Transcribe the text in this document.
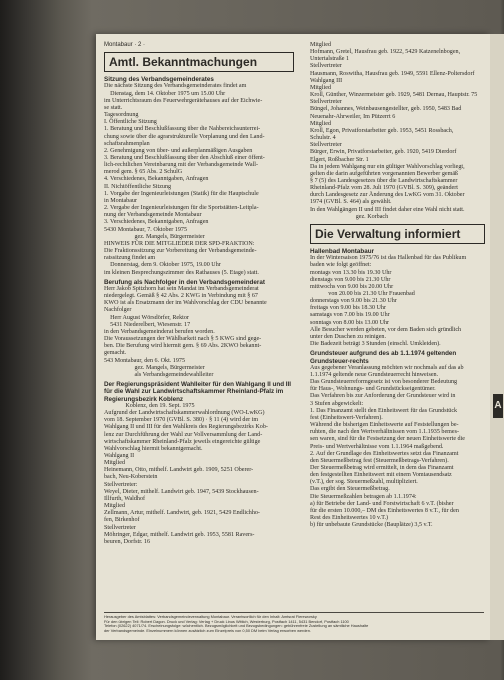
Montabaur · 2 ·
Amtl. Bekanntmachungen
Sitzung des Verbandsgemeinderates
Die nächste Sitzung des Verbandsgemeinderates findet am
Dienstag, dem 14. Oktober 1975 um 15.00 Uhr
im Unterrichtsraum des Feuerwehrgerätehauses auf der Eichwie-
se statt.
Tagesordnung
I. Öffentliche Sitzung
1. Beratung und Beschlußfassung über die Nahbereichsunterrei-
chung sowie über die agrarstrukturelle Vorplanung und den Land-
schaftsrahmenplan
2. Genehmigung von über- und außerplanmäßigen Ausgaben
3. Beratung und Beschlußfassung über den Abschluß einer öffent-
lich-rechtlichen Vereinbarung mit der Verbandsgemeinde Wall-
merod gem. § 65 Abs. 2 SchulG
4. Verschiedenes, Bekanntgaben, Anfragen
II. Nichtöffentliche Sitzung
1. Vorgabe der Ingenieurleistungen (Statik) für die Hauptschule
in Montabaur
2. Vergabe der Ingenieurleistungen für die Sportstätten-Leitpla-
nung der Verbandsgemeinde Montabaur
3. Verschiedenes, Bekanntgaben, Anfragen
5430 Montabaur, 7. Oktober 1975
gez. Mangels, Bürgermeister
HINWEIS FÜR DIE MITGLIEDER DER SPD-FRAKTION:
Die Fraktionssitzung zur Vorbereitung der Verbandsgemeinde-
ratssitzung findet am
Donnerstag, dem 9. Oktober 1975, 19.00 Uhr
im kleinen Besprechungszimmer des Rathauses (5. Etage) statt.
Berufung als Nachfolger in den Verbandsgemeinderat
Herr Jakob Spitzhorn hat sein Mandat im Verbandsgemeinderat
niedergelegt. Gemäß § 42 Abs. 2 KWG in Verbindung mit § 67
KWO ist als Ersatzmann der im Wahlvorschlag der CDU benannte
Nachfolger
Herr August Wörsdörfer, Rektor
5431 Niederelbert, Wiesenstr. 17
in den Verbandsgemeinderat berufen worden.
Die Voraussetzungen der Wählbarkeit nach § 5 KWG sind gege-
ben. Die Berufung wird hiermit gem. § 69 Abs. 2KWO bekannt-
gemacht.
543 Montabaur, den 6. Okt. 1975
gez. Mangels, Bürgermeister
als Verbandsgemeindewahlleiter
Der Regierungspräsident Wahlleiter für den Wahlgang II und III für die Wahl zur Landwirtschaftskammer Rheinland-Pfalz im Regierungsbezirk Koblenz
Koblenz, den 19. Sept. 1975
Aufgrund der Landwirtschaftskammerwahlordnung (WO-LwKG)
vom 18. September 1970 (GVBl. S. 380) · § 11 (4) wird der im
Wahlgang II und III für den Wahlkreis des Regierungsbezirks Kob-
lenz zur Durchführung der Wahl zur Vollversammlung der Land-
wirtschaftskammer Rheinland-Pfalz jeweils eingereichte gültige
Wahlvorschlag hiermit bekanntgemacht.
Wahlgang II
Mitglied
Heinemann, Otto, mithelf. Landwirt geb. 1909, 5251 Oberer-
bach, Neu-Koberstein
Stellvertreter:
Weyel, Dieter, mithelf. Landwirt geb. 1947, 5439 Stockhausen-
Illfurth, Waldhof
Mitglied
Zellmann, Artur, mithelf. Landwirt, geb. 1921, 5429 Endlichho-
fen, Birkenhof
Stellvertreter
Möhringer, Edgar, mithelf. Landwirt geb. 1953, 5581 Ravers-
beuren, Dorfstr. 16
Mitglied
Hofmann, Gretel, Hausfrau geb. 1922, 5429 Katzenelnbogen,
Untertalstraße 1
Stellvertreter
Hausmann, Roswitha, Hausfrau geb. 1949, 5591 Ellenz-Poltersdorf
Wahlgang III
Mitglied
Kroll, Günther, Winzermeister geb. 1929, 5481 Dernau, Hauptstr. 75
Stellvertreter
Büngel, Johannes, Weinbausengestellter, geb. 1950, 5483 Bad
Neuenahr-Ahrweiler, Im Pützerrt 6
Mitglied
Kroll, Egon, Privatforstarbeiter geb. 1953, 5451 Rossbach,
Schulstr. 4
Stellvertreter
Bürger, Erwin, Privatforstarbeiter, geb. 1920, 5419 Dierdorf
Elgert, Roßbacher Str. 1
Da in jedem Wahlgang nur ein gültiger Wahlvorschlag vorliegt,
gelten die darin aufgeführten vorgenannten Bewerber gemäß
§ 7 (5) des Landesgesetzes über die Landwirtschaftskammer
Rheinland-Pfalz vom 28. Juli 1970 (GVBl. S. 309), geändert
durch Landesgesetz zur Änderung des LwKG vom 31. Oktober
1974 (GVBl. S. 464) als gewählt.
In den Wahlgängen II und III findet daher eine Wahl nicht statt.
gez. Korbach
Die Verwaltung informiert
Hallenbad Montabaur
In der Wintersaison 1975/76 ist das Hallenbad für das Publikum
baden wie folgt geöffnet:
montags von 13.30 bis 19.30 Uhr
dienstags von 9.00 bis 21.30 Uhr
mittwochs von 9.00 bis 20.00 Uhr
von 20.00 bis 21.30 Uhr Frauenbad
donnerstags von 9.00 bis 21.30 Uhr
freitags von 9.00 bis 18.30 Uhr
samstags von 7.00 bis 19.00 Uhr
sonntags von 8.00 bis 13.00 Uhr
Alle Besucher werden gebeten, vor dem Baden sich gründlich
unter den Duschen zu reinigen.
Die Badezeit beträgt 3 Stunden (einschl. Umkleiden).
Grundsteuer aufgrund des ab 1.1.1974 geltenden Grundsteuer-rechts
Aus gegebener Veranlassung möchten wir nochmals auf das ab
1.1.1974 geltende neue Grundsteuerrecht hinweisen.
Das Grundsteuerreformgesetz ist von besonderer Bedeutung
für Haus-, Wohnungs- und Grundstückseigentümer.
Das Verfahren bis zur Anforderung der Grundsteuer wird in
3 Stufen abgewickelt:
1. Das Finanzamt stellt den Einheitswert für das Grundstück
fest (Einheitswert-Verfahren).
Während die bisherigen Einheitswerte auf Feststellungen be-
ruhten, die nach den Wertverhältnissen vom 1.1.1935 bemes-
sen waren, sind für die Festsetzung der neuen Einheitswerte die
Preis- und Wertverhältnisse vom 1.1.1964 maßgebend.
2. Auf der Grundlage des Einheitswertes setzt das Finanzamt
den Steuermeßbetrag fest (Steuermeßbetrags-Verfahren).
Der Steuermeßbetrag wird ermittelt, in dem das Finanzamt
den festgestellten Einheitswert mit einem Vomtausendsatz
(v.T.), der sog. Steuermeßzahl, multipliziert.
Das ergibt den Steuermeßbetrag.
Die Steuermeßzahlen betragen ab 1.1.1974:
a) für Betriebe der Land- und Forstwirtschaft 6 v.T. (bisher
für die ersten 10.000,– DM des Einheitswertes 8 v.T., für den
Rest des Einheitswertes 10 v.T.)
b) für unbebaute Grundstücke (Bauplätze) 3,5 v.T.
Herausgeber des Amtsblattes: Verbandsgemeindeverwaltung Montabaur. Verantwortlich für den Inhalt: Amtsrat Fiereworsky
Für den übrigen Teil: Robert Dagon. Druck und Verlag: Verlag + Druck Linus Wittich, Westerburg, Postfach 1411, 5431 Bendorf, Postfach 1100
Telefon (02622) 4071/74. Erscheinungsfolge: wöchentlich. Bezugsmöglichkeit und Bezugsbedingungen: gebührenfreie Zustellung an sämtliche Haushalte
der Verbandsgemeinde. Einzelnummern können zusätzlich zum Einzelpreis von 0,50 DM beim Verlag erworben werden.
A
